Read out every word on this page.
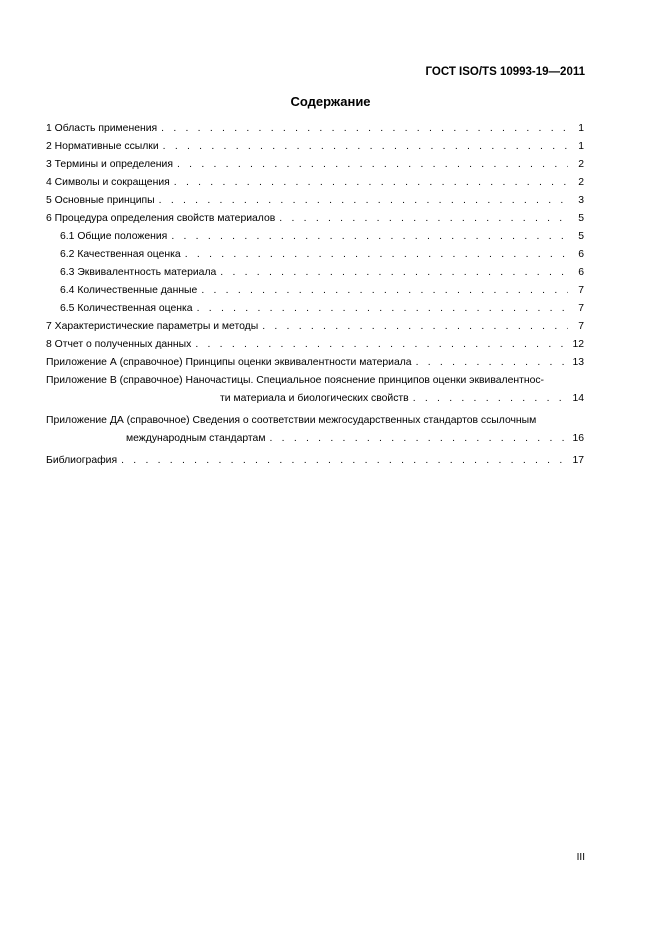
ГОСТ ISO/TS 10993-19—2011
Содержание
1 Область применения . . .	1
2 Нормативные ссылки . . .	1
3 Термины и определения . . .	2
4 Символы и сокращения . . .	2
5 Основные принципы . . .	3
6 Процедура определения свойств материалов . . .	5
6.1 Общие положения . . .	5
6.2 Качественная оценка . . .	6
6.3 Эквивалентность материала . . .	6
6.4 Количественные данные . . .	7
6.5 Количественная оценка . . .	7
7 Характеристические параметры и методы . . .	7
8 Отчет о полученных данных . . .	12
Приложение А (справочное) Принципы оценки эквивалентности материала . . .	13
Приложение В (справочное) Наночастицы. Специальное пояснение принципов оценки эквивалентнос-
ти материала и биологических свойств . . .	14
Приложение ДА (справочное) Сведения о соответствии межгосударственных стандартов ссылочным
международным стандартам . . .	16
Библиография . . .	17
III
